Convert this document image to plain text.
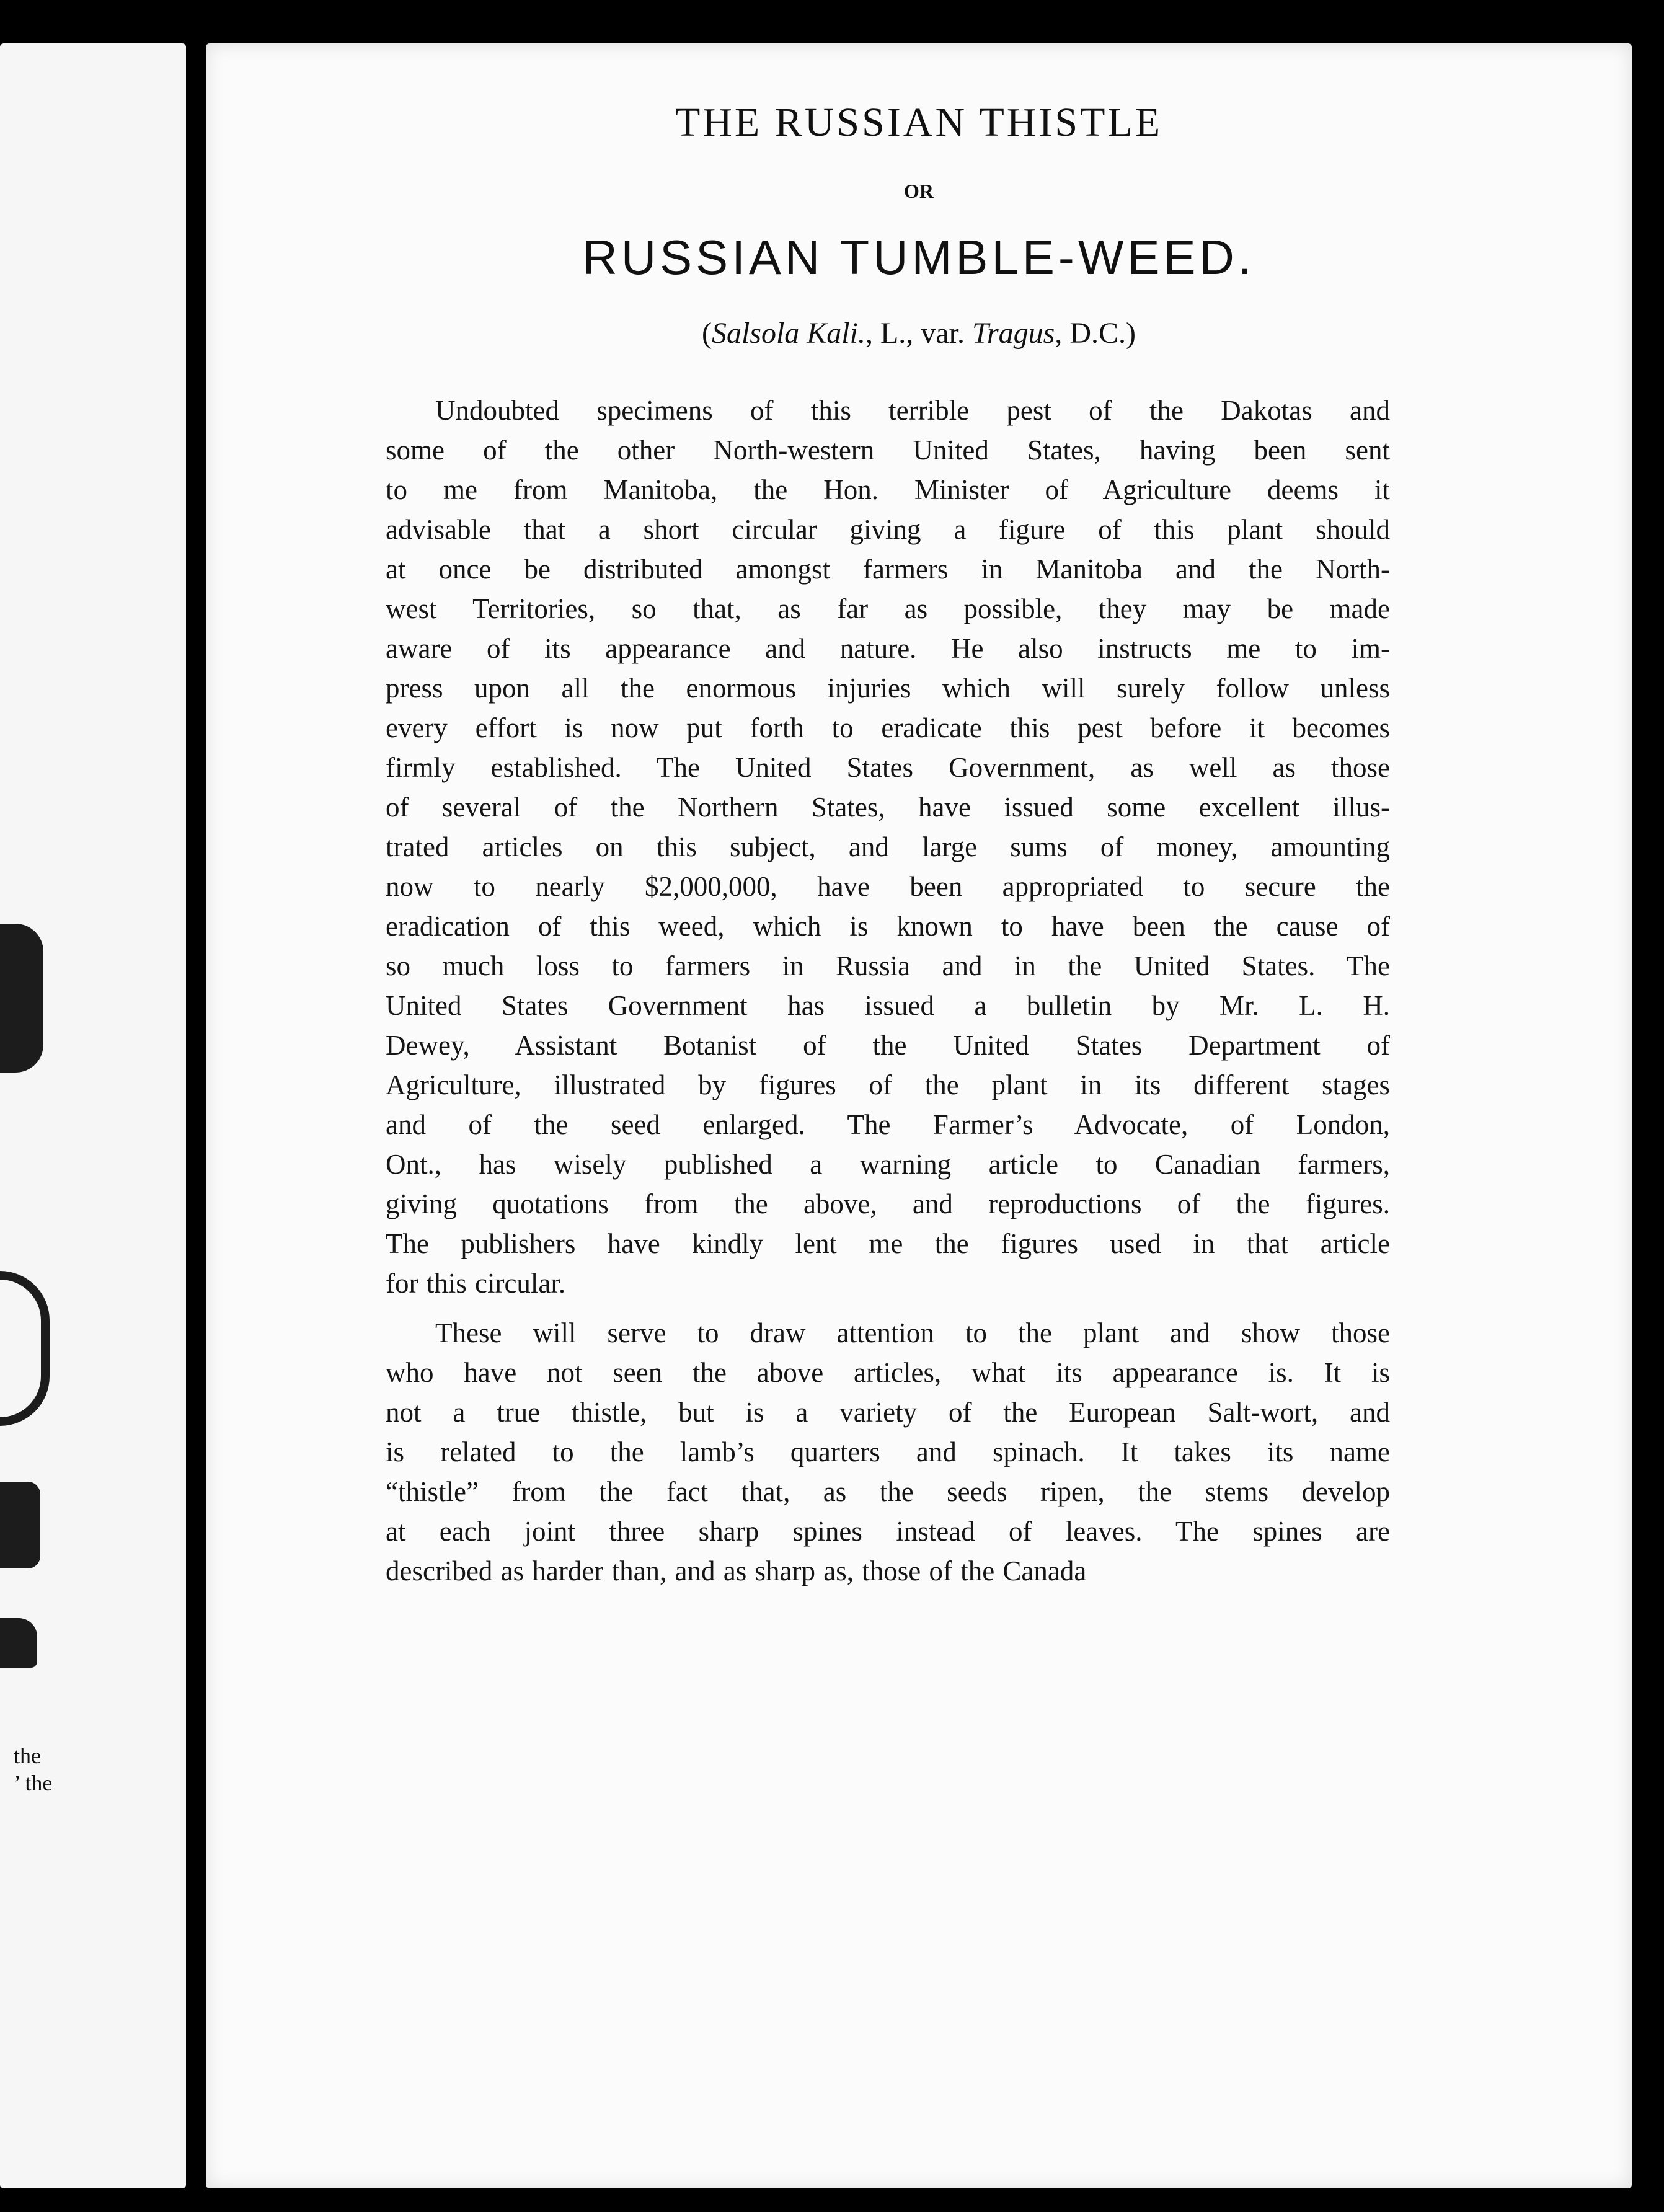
the
’ the
THE RUSSIAN THISTLE
OR
RUSSIAN TUMBLE-WEED.
(Salsola Kali., L., var. Tragus, D.C.)
Undoubted specimens of this terrible pest of the Dakotas and
some of the other North-western United States, having been sent
to me from Manitoba, the Hon. Minister of Agriculture deems it
advisable that a short circular giving a figure of this plant should
at once be distributed amongst farmers in Manitoba and the North-
west Territories, so that, as far as possible, they may be made
aware of its appearance and nature. He also instructs me to im-
press upon all the enormous injuries which will surely follow unless
every effort is now put forth to eradicate this pest before it becomes
firmly established. The United States Government, as well as those
of several of the Northern States, have issued some excellent illus-
trated articles on this subject, and large sums of money, amounting
now to nearly $2,000,000, have been appropriated to secure the
eradication of this weed, which is known to have been the cause of
so much loss to farmers in Russia and in the United States. The
United States Government has issued a bulletin by Mr. L. H.
Dewey, Assistant Botanist of the United States Department of
Agriculture, illustrated by figures of the plant in its different stages
and of the seed enlarged. The Farmer’s Advocate, of London,
Ont., has wisely published a warning article to Canadian farmers,
giving quotations from the above, and reproductions of the figures.
The publishers have kindly lent me the figures used in that article
for this circular.
These will serve to draw attention to the plant and show those
who have not seen the above articles, what its appearance is. It is
not a true thistle, but is a variety of the European Salt-wort, and
is related to the lamb’s quarters and spinach. It takes its name
“thistle” from the fact that, as the seeds ripen, the stems develop
at each joint three sharp spines instead of leaves. The spines are
described as harder than, and as sharp as, those of the Canada
